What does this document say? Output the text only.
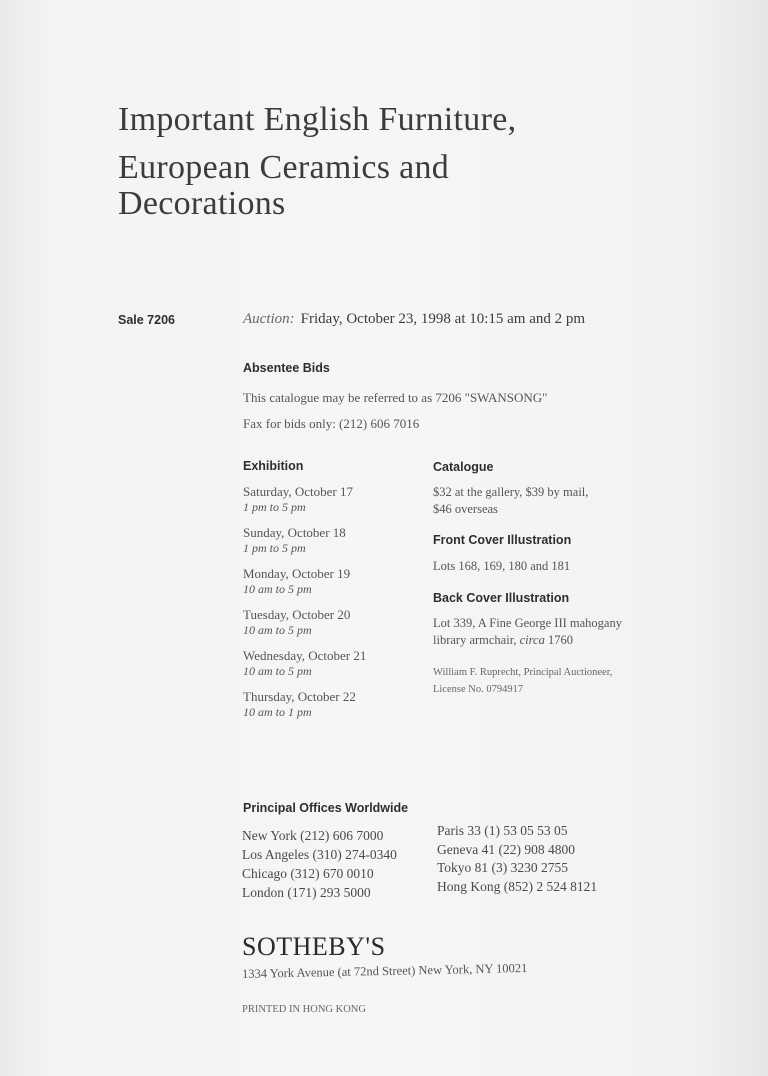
Important English Furniture,
European Ceramics and
Decorations
Sale 7206	Auction: Friday, October 23, 1998 at 10:15 am and 2 pm
Absentee Bids
This catalogue may be referred to as 7206 "SWANSONG"
Fax for bids only: (212) 606 7016
Exhibition
Saturday, October 17
1 pm to 5 pm
Sunday, October 18
1 pm to 5 pm
Monday, October 19
10 am to 5 pm
Tuesday, October 20
10 am to 5 pm
Wednesday, October 21
10 am to 5 pm
Thursday, October 22
10 am to 1 pm
Catalogue
$32 at the gallery, $39 by mail,
$46 overseas
Front Cover Illustration
Lots 168, 169, 180 and 181
Back Cover Illustration
Lot 339, A Fine George III mahogany
library armchair, circa 1760
William F. Ruprecht, Principal Auctioneer,
License No. 0794917
Principal Offices Worldwide
New York (212) 606 7000
Los Angeles (310) 274-0340
Chicago (312) 670 0010
London (171) 293 5000
Paris 33 (1) 53 05 53 05
Geneva 41 (22) 908 4800
Tokyo 81 (3) 3230 2755
Hong Kong (852) 2 524 8121
SOTHEBY'S
1334 York Avenue (at 72nd Street) New York, NY 10021
PRINTED IN HONG KONG
